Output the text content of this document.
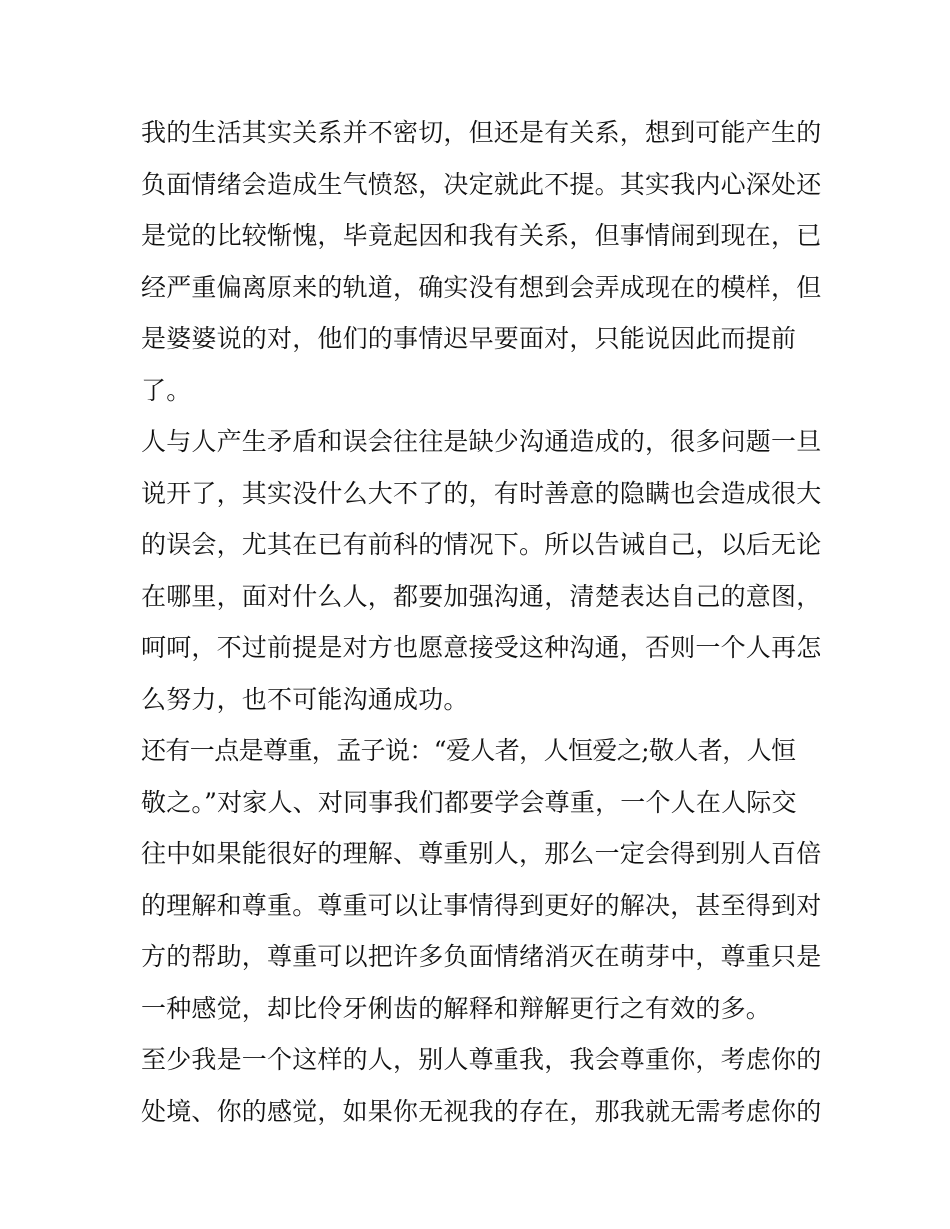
我的生活其实关系并不密切，但还是有关系，想到可能产生的
负面情绪会造成生气愤怒，决定就此不提。其实我内心深处还
是觉的比较惭愧，毕竟起因和我有关系，但事情闹到现在，已
经严重偏离原来的轨道，确实没有想到会弄成现在的模样，但
是婆婆说的对，他们的事情迟早要面对，只能说因此而提前
了。
人与人产生矛盾和误会往往是缺少沟通造成的，很多问题一旦
说开了，其实没什么大不了的，有时善意的隐瞒也会造成很大
的误会，尤其在已有前科的情况下。所以告诫自己，以后无论
在哪里，面对什么人，都要加强沟通，清楚表达自己的意图，
呵呵，不过前提是对方也愿意接受这种沟通，否则一个人再怎
么努力，也不可能沟通成功。
还有一点是尊重，孟子说：“爱人者，人恒爱之;敬人者，人恒
敬之。”对家人、对同事我们都要学会尊重，一个人在人际交
往中如果能很好的理解、尊重别人，那么一定会得到别人百倍
的理解和尊重。尊重可以让事情得到更好的解决，甚至得到对
方的帮助，尊重可以把许多负面情绪消灭在萌芽中，尊重只是
一种感觉，却比伶牙俐齿的解释和辩解更行之有效的多。
至少我是一个这样的人，别人尊重我，我会尊重你，考虑你的
处境、你的感觉，如果你无视我的存在，那我就无需考虑你的
